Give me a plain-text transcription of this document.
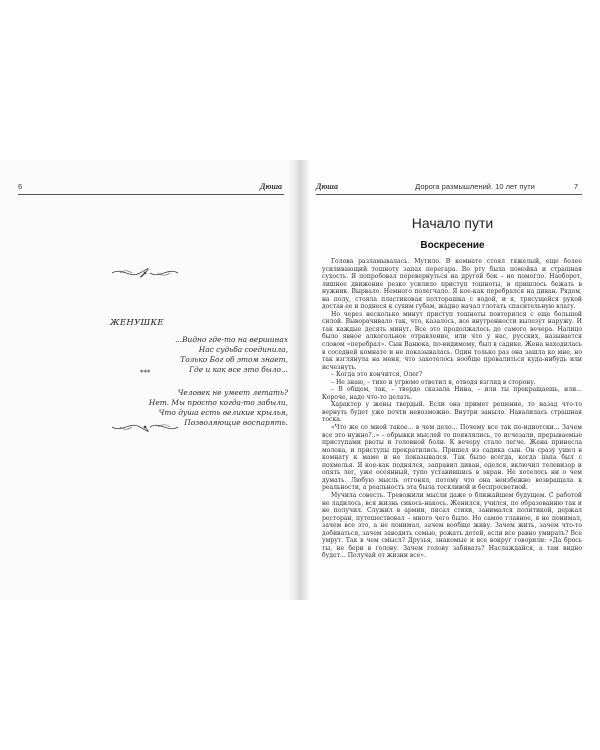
6	Дюша
ЖЕНУШКЕ
...Видно где-то на вершинах
Нас судьба соединила,
Только Бог об этом знает,
Где и как все это было...
***
Человек не умеет летать?
Нет. Мы просто когда-то забыли,
Что душа есть великие крылья,
Позволяющие воспарять.
Дюша	Дорога размышлений. 10 лет пути	7
Начало пути
Воскресение

Голова разламывалась. Мутило. В комнате стоял тяжелый, еще более усиливающий тошноту запах перегара. Во рту была помойка и страшная сухость. Я попробовал перевернуться на другой бок – не помогло. Наоборот, лишнее движение резко усилило приступ тошноты, и пришлось бежать в нужник. Вырвало. Немного полегчало. Я кое-как перебрался на диван. Рядом, на полу, стояла пластиковая полторашка с водой, и я, трясущейся рукой достав ее и поднеся к сухим губам, жадно начал глотать спасительную влагу.

Но через несколько минут приступ тошноты повторился с еще большей силой. Выворачивало так, что, казалось, все внутренности вылезут наружу. И так каждые десять минут. Все это продолжалось до самого вечера. Налицо было явное алкогольное отравление, или что у нас, русских, называется словом «перебрал». Сын Ванюка, по-видимому, был в садике. Жена находилась в соседней комнате и не показывалась. Один только раз она зашла ко мне, но так взглянула на меня, что захотелось вообще провалиться куда-нибудь или исчезнуть.

– Когда это кончится, Олег?

– Не знаю, – тихо и угрюмо ответил я, отводя взгляд в сторону.

– В общем, так, – твердо сказала Нина, – или ты прекращаешь, или... Короче, надо что-то делать.

Характер у жены твердый. Если она примет решение, то назад что-то вернуть будет уже почти невозможно. Внутри заныло. Навалилась страшная тоска.

«Что же со мной такое... в чем дело... Почему все так по-идиотски... Зачем все это нужно?..» – обрывки мыслей то появлялись, то исчезали, прерываемые приступами рвоты и головной боли. К вечеру стало легче. Жена принесла молока, и приступы прекратились. Пришел из садика сын. Он сразу ушел в комнату к маме и не показывался. Так было всегда, когда папа был с похмелья. Я кое-как поднялся, заправил диван, оделся, включил телевизор и опять лег, уже осеянный, тупо уставившись в экран. Не хотелось ни о чем думать. Любую мысль отгонял, потому что она неизбежно возвращала к реальности, а реальность эта была тоскливой и беспросветной.

Мучила совесть. Тревожили мысли даже о ближайшем будущем. С работой не ладилось, вся жизнь сикось-накось. Женился, учился, по образованию так и не получил. Служил в армии, писал стихи, занимался политикой, держал ресторан, путешествовал – много чего было. Но самое главное, я не понимал, зачем все это, а не понимал, зачем вообще живу. Зачем жить, зачем что-то добиваться, зачем заводить семью, рожать детей, если все равно умирать? Все умрут. Так в чем смысл? Друзья, знакомые и все вокруг говорили: «Да брось ты, не бери в голову. Зачем голову забивать? Наслаждайся, а там видно будет... Получай от жизни все».
